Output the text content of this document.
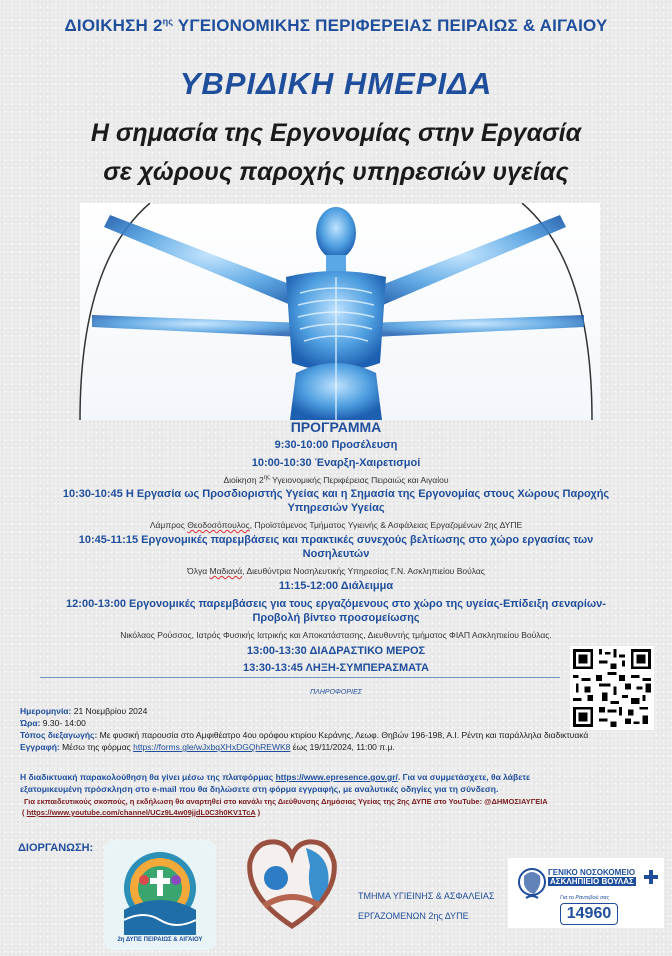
ΔΙΟΙΚΗΣΗ $2^{\eta\varsigma}$ ΥΓΕΙΟΝΟΜΙΚΗΣ ΠΕΡΙΦΕΡΕΙΑΣ ΠΕΙΡΑΙΩΣ & ΑΙΓΑΙΟΥ
ΥΒΡΙΔΙΚΗ ΗΜΕΡΙΔΑ
Η σημασία της Εργονομίας στην Εργασία
σε χώρους παροχής υπηρεσιών υγείας
ΠΡΟΓΡΑΜΜΑ
9:30-10:00 Προσέλευση
10:00-10:30 Έναρξη-Χαιρετισμοί
Διοίκηση $2^{\eta\varsigma}$ Υγειονομικής Περιφέρειας Πειραιώς και Αιγαίου
10:30-10:45 Η Εργασία ως Προσδιοριστής Υγείας και η Σημασία της Εργονομίας στους Χώρους Παροχής
Υπηρεσιών Υγείας
Λάμπρος Θεοδοσόπουλος, Προϊστάμενος Τμήματος Υγιεινής & Ασφάλειας Εργαζομένων 2ης ΔΥΠΕ
10:45-11:15 Εργονομικές παρεμβάσεις και πρακτικές συνεχούς βελτίωσης στο χώρο εργασίας των
Νοσηλευτών
Όλγα Μαδιανά, Διευθύντρια Νοσηλευτικής Υπηρεσίας Γ.Ν. Ασκληπιείου Βούλας
11:15-12:00 Διάλειμμα
12:00-13:00 Εργονομικές παρεμβάσεις για τους εργαζόμενους στο χώρο της υγείας-Επίδειξη σεναρίων-
Προβολή βίντεο προσομείωσης
Νικόλαος Ρούσσος, Ιατρός Φυσικής Ιατρικής και Αποκατάστασης, Διευθυντής τμήματος ΦΙΑΠ Ασκληπιείου Βούλας.
13:00-13:30 ΔΙΑΔΡΑΣΤΙΚΟ ΜΕΡΟΣ
13:30-13:45 ΛΗΞΗ-ΣΥΜΠΕΡΑΣΜΑΤΑ
ΠΛΗΡΟΦΟΡΙΕΣ
Ημερομηνία: 21 Νοεμβρίου 2024
Ώρα: 9.30- 14:00
Τόπος διεξαγωγής: Με φυσική παρουσία στο Αμφιθέατρο 4ου ορόφου κτιρίου Κεράνης, Λεωφ. Θηβών 196-198, Α.Ι. Ρέντη και παράλληλα διαδικτυακά
Εγγραφή: Μέσω της φόρμας https://forms.gle/wJxbqXHxDGQhREWK8 έως 19/11/2024, 11:00 π.μ.
Η διαδικτυακή παρακολούθηση θα γίνει μέσω της πλατφόρμας https://www.epresence.gov.gr/. Για να συμμετάσχετε, θα λάβετε
εξατομικευμένη πρόσκληση στο e-mail που θα δηλώσετε στη φόρμα εγγραφής, με αναλυτικές οδηγίες για τη σύνδεση.
Για εκπαιδευτικούς σκοπούς, η εκδήλωση θα αναρτηθεί στο κανάλι της Διεύθυνσης Δημόσιας Υγείας της 2ης ΔΥΠΕ στο YouTube: @ΔΗΜΟΣΙΑΥΓΕΙΑ
( https://www.youtube.com/channel/UCz9L4w09jjdL0C3h0KV1TcA )
ΔΙΟΡΓΑΝΩΣΗ:
2η ΔΥΠΕ ΠΕΙΡΑΙΩΣ & ΑΙΓΑΙΟΥ
ΤΜΗΜΑ ΥΓΙΕΙΝΗΣ & ΑΣΦΑΛΕΙΑΣ
ΕΡΓΑΖΟΜΕΝΩΝ 2ης ΔΥΠΕ
ΓΕΝΙΚΟ ΝΟΣΟΚΟΜΕΙΟ
ΑΣΚΛΗΠΙΕΙΟ ΒΟΥΛΑΣ
Για το Ραντεβού σας
14960
